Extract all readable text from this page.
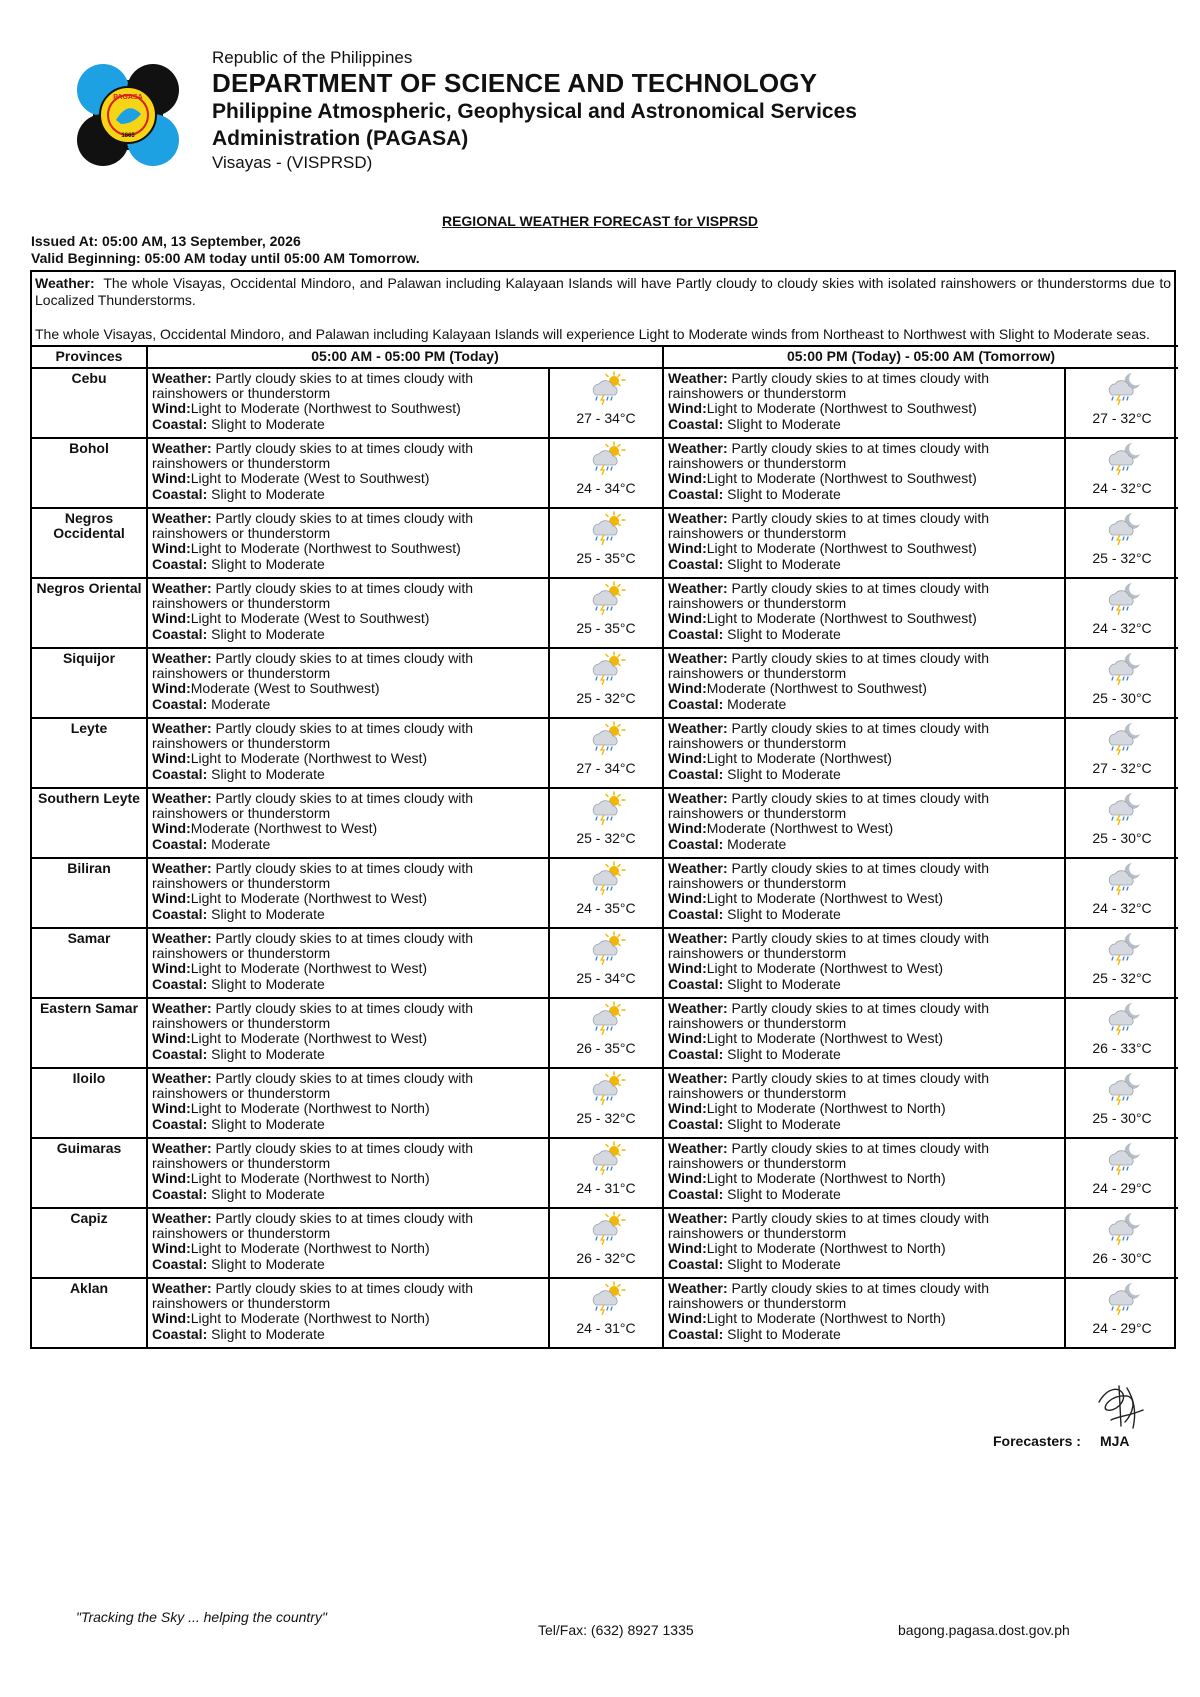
PAGASA
1865
Republic of the Philippines
DEPARTMENT OF SCIENCE AND TECHNOLOGY
Philippine Atmospheric, Geophysical and Astronomical Services
Administration (PAGASA)
Visayas - (VISPRSD)
REGIONAL WEATHER FORECAST for VISPRSD
Issued At: 05:00 AM, 13 September, 2026
Valid Beginning: 05:00 AM today until 05:00 AM Tomorrow.

Weather: The whole Visayas, Occidental Mindoro, and Palawan including Kalayaan Islands will have Partly cloudy to cloudy skies with isolated rainshowers or thunderstorms due to Localized Thunderstorms.

The whole Visayas, Occidental Mindoro, and Palawan including Kalayaan Islands will experience Light to Moderate winds from Northeast to Northwest with Slight to Moderate seas.

Provinces	05:00 AM - 05:00 PM (Today)		05:00 PM (Today) - 05:00 AM (Tomorrow)	
Cebu	Weather: Partly cloudy skies to at times cloudy with rainshowers or thunderstorm
Wind:Light to Moderate (Northwest to Southwest)
Coastal: Slight to Moderate	27 - 34°C	Weather: Partly cloudy skies to at times cloudy with rainshowers or thunderstorm
Wind:Light to Moderate (Northwest to Southwest)
Coastal: Slight to Moderate	27 - 32°C
Bohol	Weather: Partly cloudy skies to at times cloudy with rainshowers or thunderstorm
Wind:Light to Moderate (West to Southwest)
Coastal: Slight to Moderate	24 - 34°C	Weather: Partly cloudy skies to at times cloudy with rainshowers or thunderstorm
Wind:Light to Moderate (Northwest to Southwest)
Coastal: Slight to Moderate	24 - 32°C
Negros Occidental	Weather: Partly cloudy skies to at times cloudy with rainshowers or thunderstorm
Wind:Light to Moderate (Northwest to Southwest)
Coastal: Slight to Moderate	25 - 35°C	Weather: Partly cloudy skies to at times cloudy with rainshowers or thunderstorm
Wind:Light to Moderate (Northwest to Southwest)
Coastal: Slight to Moderate	25 - 32°C
Negros Oriental	Weather: Partly cloudy skies to at times cloudy with rainshowers or thunderstorm
Wind:Light to Moderate (West to Southwest)
Coastal: Slight to Moderate	25 - 35°C	Weather: Partly cloudy skies to at times cloudy with rainshowers or thunderstorm
Wind:Light to Moderate (Northwest to Southwest)
Coastal: Slight to Moderate	24 - 32°C
Siquijor	Weather: Partly cloudy skies to at times cloudy with rainshowers or thunderstorm
Wind:Moderate (West to Southwest)
Coastal: Moderate	25 - 32°C	Weather: Partly cloudy skies to at times cloudy with rainshowers or thunderstorm
Wind:Moderate (Northwest to Southwest)
Coastal: Moderate	25 - 30°C
Leyte	Weather: Partly cloudy skies to at times cloudy with rainshowers or thunderstorm
Wind:Light to Moderate (Northwest to West)
Coastal: Slight to Moderate	27 - 34°C	Weather: Partly cloudy skies to at times cloudy with rainshowers or thunderstorm
Wind:Light to Moderate (Northwest)
Coastal: Slight to Moderate	27 - 32°C
Southern Leyte	Weather: Partly cloudy skies to at times cloudy with rainshowers or thunderstorm
Wind:Moderate (Northwest to West)
Coastal: Moderate	25 - 32°C	Weather: Partly cloudy skies to at times cloudy with rainshowers or thunderstorm
Wind:Moderate (Northwest to West)
Coastal: Moderate	25 - 30°C
Biliran	Weather: Partly cloudy skies to at times cloudy with rainshowers or thunderstorm
Wind:Light to Moderate (Northwest to West)
Coastal: Slight to Moderate	24 - 35°C	Weather: Partly cloudy skies to at times cloudy with rainshowers or thunderstorm
Wind:Light to Moderate (Northwest to West)
Coastal: Slight to Moderate	24 - 32°C
Samar	Weather: Partly cloudy skies to at times cloudy with rainshowers or thunderstorm
Wind:Light to Moderate (Northwest to West)
Coastal: Slight to Moderate	25 - 34°C	Weather: Partly cloudy skies to at times cloudy with rainshowers or thunderstorm
Wind:Light to Moderate (Northwest to West)
Coastal: Slight to Moderate	25 - 32°C
Eastern Samar	Weather: Partly cloudy skies to at times cloudy with rainshowers or thunderstorm
Wind:Light to Moderate (Northwest to West)
Coastal: Slight to Moderate	26 - 35°C	Weather: Partly cloudy skies to at times cloudy with rainshowers or thunderstorm
Wind:Light to Moderate (Northwest to West)
Coastal: Slight to Moderate	26 - 33°C
Iloilo	Weather: Partly cloudy skies to at times cloudy with rainshowers or thunderstorm
Wind:Light to Moderate (Northwest to North)
Coastal: Slight to Moderate	25 - 32°C	Weather: Partly cloudy skies to at times cloudy with rainshowers or thunderstorm
Wind:Light to Moderate (Northwest to North)
Coastal: Slight to Moderate	25 - 30°C
Guimaras	Weather: Partly cloudy skies to at times cloudy with rainshowers or thunderstorm
Wind:Light to Moderate (Northwest to North)
Coastal: Slight to Moderate	24 - 31°C	Weather: Partly cloudy skies to at times cloudy with rainshowers or thunderstorm
Wind:Light to Moderate (Northwest to North)
Coastal: Slight to Moderate	24 - 29°C
Capiz	Weather: Partly cloudy skies to at times cloudy with rainshowers or thunderstorm
Wind:Light to Moderate (Northwest to North)
Coastal: Slight to Moderate	26 - 32°C	Weather: Partly cloudy skies to at times cloudy with rainshowers or thunderstorm
Wind:Light to Moderate (Northwest to North)
Coastal: Slight to Moderate	26 - 30°C
Aklan	Weather: Partly cloudy skies to at times cloudy with rainshowers or thunderstorm
Wind:Light to Moderate (Northwest to North)
Coastal: Slight to Moderate	24 - 31°C	Weather: Partly cloudy skies to at times cloudy with rainshowers or thunderstorm
Wind:Light to Moderate (Northwest to North)
Coastal: Slight to Moderate	24 - 29°C
Forecasters : MJA
"Tracking the Sky ... helping the country"
Tel/Fax: (632) 8927 1335	bagong.pagasa.dost.gov.ph
